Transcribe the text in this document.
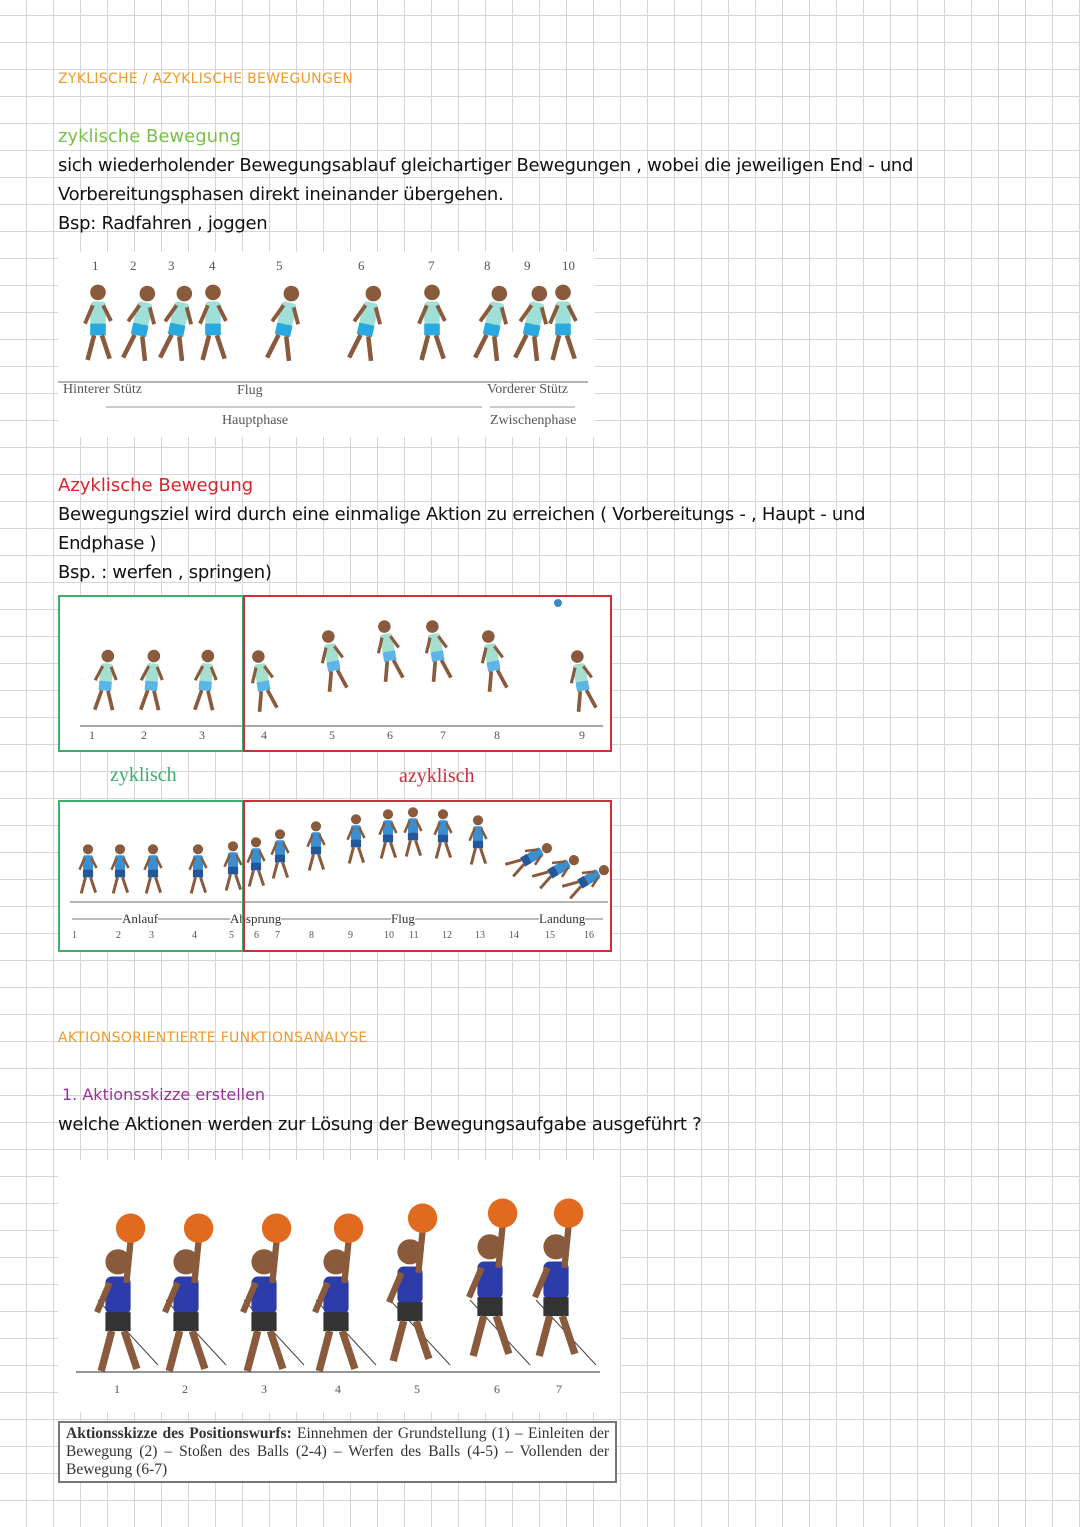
ZYKLISCHE / AZYKLISCHE BEWEGUNGEN
zyklische Bewegung
sich wiederholender Bewegungsablauf gleichartiger Bewegungen , wobei die jeweiligen End - und
Vorbereitungsphasen direkt ineinander übergehen.
Bsp: Radfahren , joggen
1 2 3	4	5	6	7	8	9 10
Hinterer Stütz	Flug	Vorderer Stütz
Hauptphase	Zwischenphase
Azyklische Bewegung
Bewegungsziel wird durch eine einmalige Aktion zu erreichen ( Vorbereitungs - , Haupt - und
Endphase )
Bsp. : werfen , springen)
1	2	3	4	5	6	7	8	9
zyklisch	azyklisch
1	2	3	4	5 6 7	8	9	10 11 12 13 14	15	16
Anlauf	Absprung	Flug	Landung
AKTIONSORIENTIERTE FUNKTIONSANALYSE
1. Aktionsskizze erstellen
welche Aktionen werden zur Lösung der Bewegungsaufgabe ausgeführt ?
1	2	3	4	5	6	7
Aktionsskizze des Positionswurfs: Einnehmen der Grundstellung (1) – Einleiten der Bewegung (2) – Stoßen des Balls (2-4) – Werfen des Balls (4-5) – Vollenden der Bewegung (6-7)
